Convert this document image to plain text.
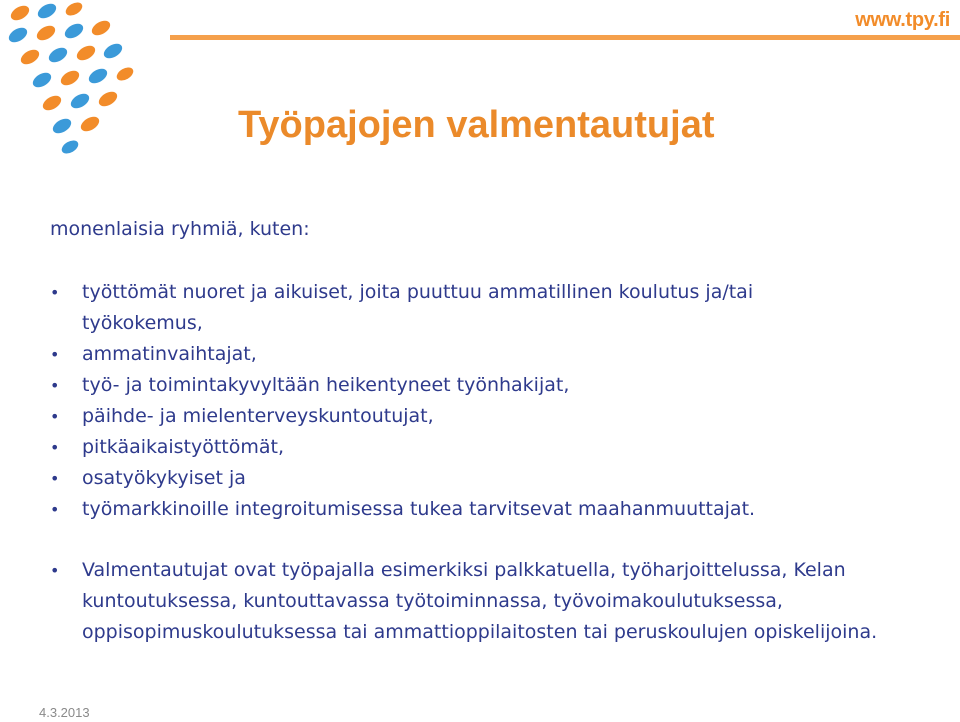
www.tpy.fi
Työpajojen valmentautujat
monenlaisia ryhmiä, kuten:
• työttömät nuoret ja aikuiset, joita puuttuu ammatillinen koulutus ja/tai työkokemus,
• ammatinvaihtajat,
• työ- ja toimintakyvyltään heikentyneet työnhakijat,
• päihde- ja mielenterveyskuntoutujat,
• pitkäaikaistyöttömät,
• osatyökykyiset ja
• työmarkkinoille integroitumisessa tukea tarvitsevat maahanmuuttajat.
• Valmentautujat ovat työpajalla esimerkiksi palkkatuella, työharjoittelussa, Kelan kuntoutuksessa, kuntouttavassa työtoiminnassa, työvoimakoulutuksessa, oppisopimuskoulutuksessa tai ammattioppilaitosten tai peruskoulujen opiskelijoina.
4.3.2013
